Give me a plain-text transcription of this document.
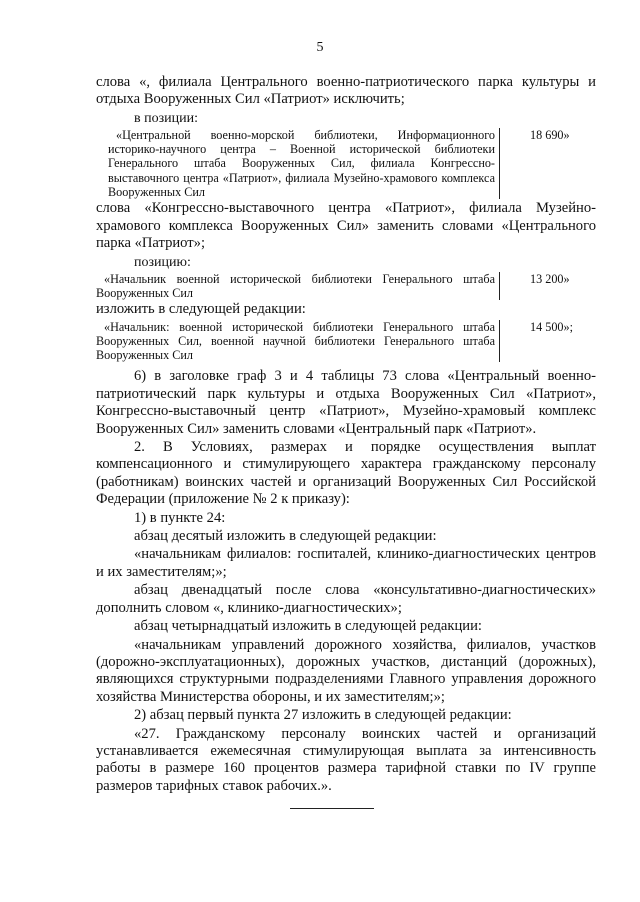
5

слова «, филиала Центрального военно-патриотического парка культуры и отдыха Вооруженных Сил «Патриот» исключить;

в позиции:

«Центральной военно-морской библиотеки, Информационного историко-научного центра – Военной исторической библиотеки Генерального штаба Вооруженных Сил, филиала Конгрессно-выставочного центра «Патриот», филиала Музейно-храмового комплекса Вооруженных Сил

18 690»

слова «Конгрессно-выставочного центра «Патриот», филиала Музейно-храмового комплекса Вооруженных Сил» заменить словами «Центрального парка «Патриот»;

позицию:

«Начальник военной исторической библиотеки Генерального штаба Вооруженных Сил

13 200»

изложить в следующей редакции:

«Начальник: военной исторической библиотеки Генерального штаба Вооруженных Сил, военной научной библиотеки Генерального штаба Вооруженных Сил

14 500»;

6) в заголовке граф 3 и 4 таблицы 73 слова «Центральный военно-патриотический парк культуры и отдыха Вооруженных Сил «Патриот», Конгрессно-выставочный центр «Патриот», Музейно-храмовый комплекс Вооруженных Сил» заменить словами «Центральный парк «Патриот».

2. В Условиях, размерах и порядке осуществления выплат компенсационного и стимулирующего характера гражданскому персоналу (работникам) воинских частей и организаций Вооруженных Сил Российской Федерации (приложение № 2 к приказу):

1) в пункте 24:

абзац десятый изложить в следующей редакции:

«начальникам филиалов: госпиталей, клинико-диагностических центров и их заместителям;»;

абзац двенадцатый после слова «консультативно-диагностических» дополнить словом «, клинико-диагностических»;

абзац четырнадцатый изложить в следующей редакции:

«начальникам управлений дорожного хозяйства, филиалов, участков (дорожно-эксплуатационных), дорожных участков, дистанций (дорожных), являющихся структурными подразделениями Главного управления дорожного хозяйства Министерства обороны, и их заместителям;»;

2) абзац первый пункта 27 изложить в следующей редакции:

«27. Гражданскому персоналу воинских частей и организаций устанавливается ежемесячная стимулирующая выплата за интенсивность работы в размере 160 процентов размера тарифной ставки по IV группе размеров тарифных ставок рабочих.».
